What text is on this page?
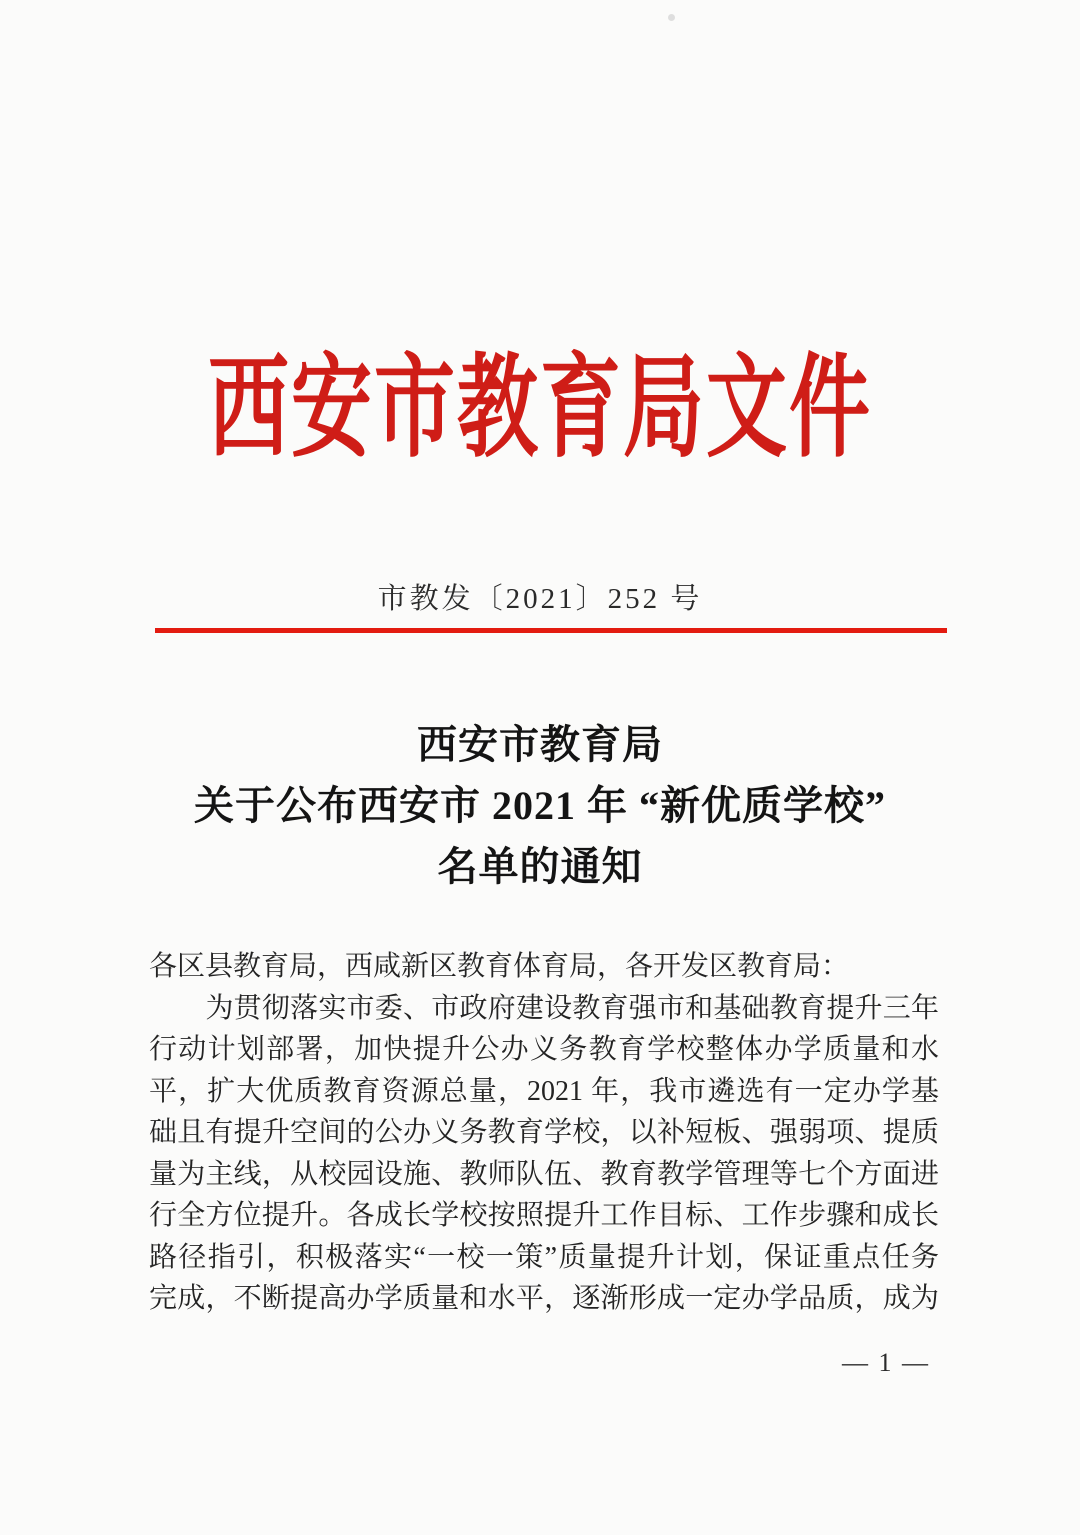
西安市教育局文件
市教发〔2021〕252 号
西安市教育局
关于公布西安市 2021 年 “新优质学校”
名单的通知
各区县教育局，西咸新区教育体育局，各开发区教育局：
　　为贯彻落实市委、市政府建设教育强市和基础教育提升三年
行动计划部署，加快提升公办义务教育学校整体办学质量和水
平，扩大优质教育资源总量，2021 年，我市遴选有一定办学基
础且有提升空间的公办义务教育学校，以补短板、强弱项、提质
量为主线，从校园设施、教师队伍、教育教学管理等七个方面进
行全方位提升。各成长学校按照提升工作目标、工作步骤和成长
路径指引，积极落实“一校一策”质量提升计划，保证重点任务
完成，不断提高办学质量和水平，逐渐形成一定办学品质，成为
— 1 —
